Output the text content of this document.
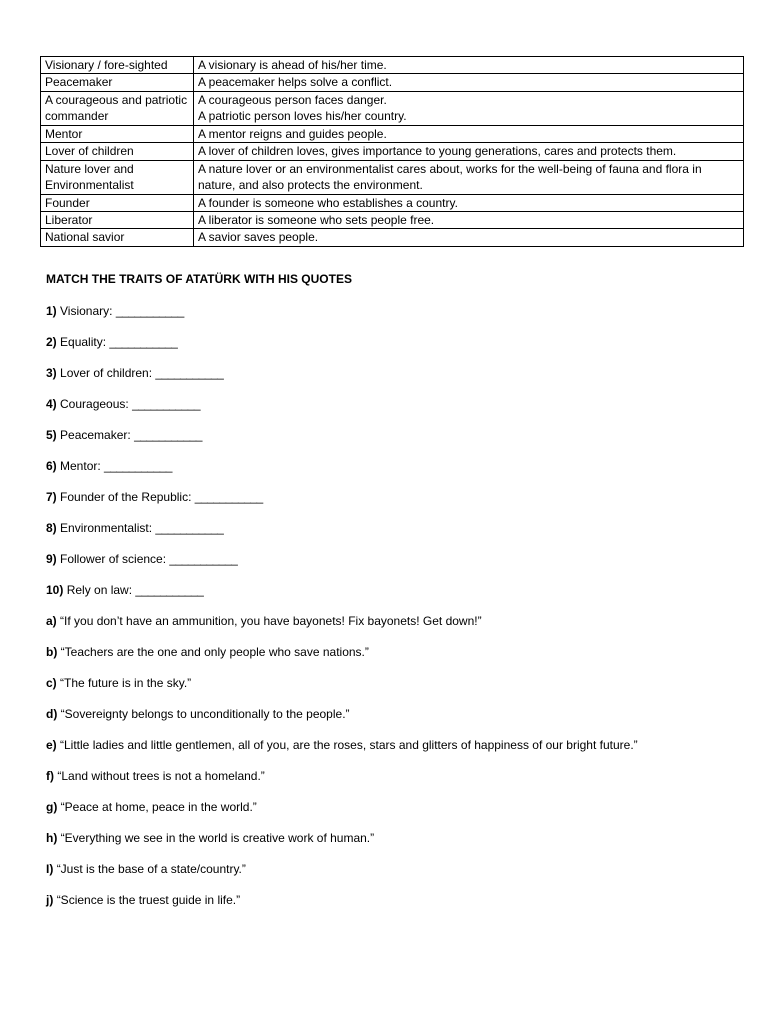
Visionary / fore-sighted	A visionary is ahead of his/her time.
Peacemaker	A peacemaker helps solve a conflict.
A courageous and patriotic commander	A courageous person faces danger.
A patriotic person loves his/her country.
Mentor	A mentor reigns and guides people.
Lover of children	A lover of children loves, gives importance to young generations, cares and protects them.
Nature lover and Environmentalist	A nature lover or an environmentalist cares about, works for the well-being of fauna and flora in nature, and also protects the environment.
Founder	A founder is someone who establishes a country.
Liberator	A liberator is someone who sets people free.
National savior	A savior saves people.
MATCH THE TRAITS OF ATATÜRK WITH HIS QUOTES
1) Visionary: ___________
2) Equality: ___________
3) Lover of children: ___________
4) Courageous: ___________
5) Peacemaker: ___________
6) Mentor: ___________
7) Founder of the Republic: ___________
8) Environmentalist: ___________
9) Follower of science: ___________
10) Rely on law: ___________
a) “If you don’t have an ammunition, you have bayonets! Fix bayonets! Get down!”
b) “Teachers are the one and only people who save nations.”
c) “The future is in the sky.”
d) “Sovereignty belongs to unconditionally to the people.”
e) “Little ladies and little gentlemen, all of you, are the roses, stars and glitters of happiness of our bright future.”
f) “Land without trees is not a homeland.”
g) “Peace at home, peace in the world.”
h) “Everything we see in the world is creative work of human.”
I) “Just is the base of a state/country.”
j) “Science is the truest guide in life.”
